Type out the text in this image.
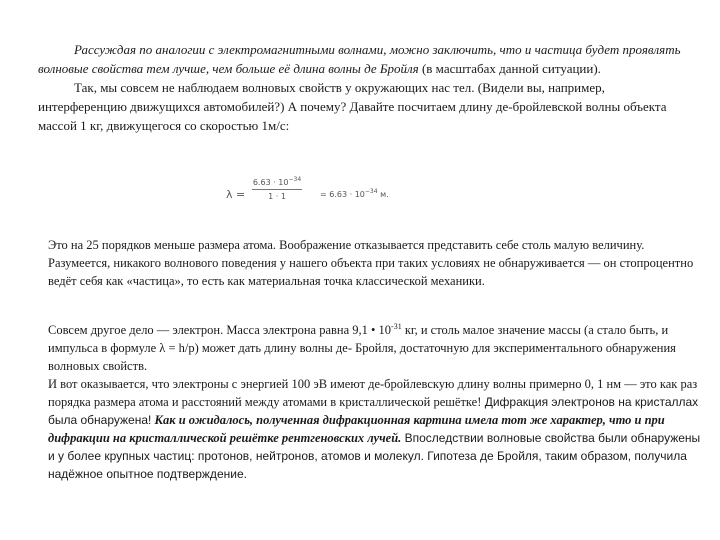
Рассуждая по аналогии с электромагнитными волнами, можно заключить, что и частица будет проявлять волновые свойства тем лучше, чем больше её длина волны де Бройля (в масштабах данной ситуации).
Так, мы совсем не наблюдаем волновых свойств у окружающих нас тел. (Видели вы, например, интерференцию движущихся автомобилей?) А почему? Давайте посчитаем длину де-бройлевской волны объекта массой 1 кг, движущегося со скоростью 1м/с:
$\lambda = \frac{6.63 \cdot 10^{-34}}{1 \cdot 1} = 6.63 \cdot 10^{-34}$ м.
Это на 25 порядков меньше размера атома. Воображение отказывается представить себе столь малую величину. Разумеется, никакого волнового поведения у нашего объекта при таких условиях не обнаруживается — он стопроцентно ведёт себя как «частица», то есть как материальная точка классической механики.
Совсем другое дело — электрон. Масса электрона равна 9,1 • $10^{-31}$ кг, и столь малое значение массы (а стало быть, и импульса в формуле λ = h/p) может дать длину волны де- Бройля, достаточную для экспериментального обнаружения волновых свойств.
И вот оказывается, что электроны с энергией 100 эВ имеют де-бройлевскую длину волны примерно 0, 1 нм — это как раз порядка размера атома и расстояний между атомами в кристаллической решётке! Дифракция электронов на кристаллах была обнаружена! Как и ожидалось, полученная дифракционная картина имела тот же характер, что и при дифракции на кристаллической решётке рентгеновских лучей. Впоследствии волновые свойства были обнаружены и у более крупных частиц: протонов, нейтронов, атомов и молекул. Гипотеза де Бройля, таким образом, получила надёжное опытное подтверждение.
